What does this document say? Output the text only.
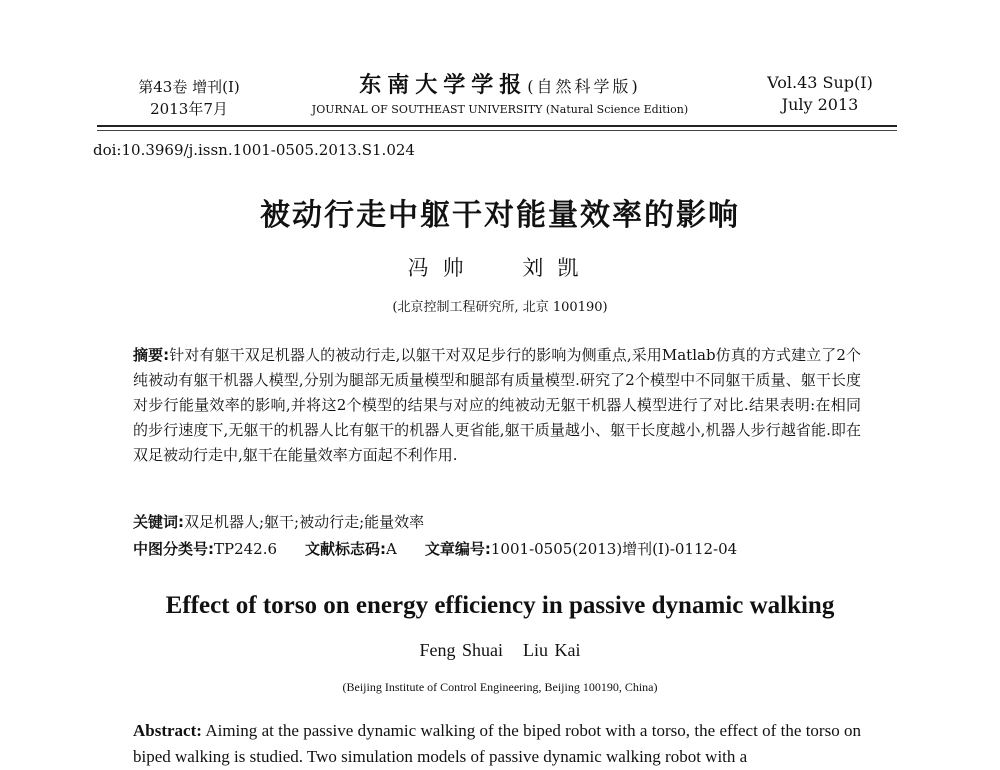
第43卷 增刊(Ⅰ)
2013年7月
东南大学学报(自然科学版)
JOURNAL OF SOUTHEAST UNIVERSITY (Natural Science Edition)
Vol.43 Sup(Ⅰ)
July 2013
doi:10.3969/j.issn.1001-0505.2013.S1.024
被动行走中躯干对能量效率的影响
冯帅 刘凯
(北京控制工程研究所, 北京 100190)
摘要:针对有躯干双足机器人的被动行走,以躯干对双足步行的影响为侧重点,采用Matlab仿真的方式建立了2个纯被动有躯干机器人模型,分别为腿部无质量模型和腿部有质量模型.研究了2个模型中不同躯干质量、躯干长度对步行能量效率的影响,并将这2个模型的结果与对应的纯被动无躯干机器人模型进行了对比.结果表明:在相同的步行速度下,无躯干的机器人比有躯干的机器人更省能,躯干质量越小、躯干长度越小,机器人步行越省能.即在双足被动行走中,躯干在能量效率方面起不利作用.
关键词:双足机器人;躯干;被动行走;能量效率
中图分类号:TP242.6 文献标志码:A 文章编号:1001-0505(2013)增刊(Ⅰ)-0112-04
Effect of torso on energy efficiency in passive dynamic walking
Feng Shuai Liu Kai
(Beijing Institute of Control Engineering, Beijing 100190, China)
Abstract: Aiming at the passive dynamic walking of the biped robot with a torso, the effect of the torso on biped walking is studied. Two simulation models of passive dynamic walking robot with a
